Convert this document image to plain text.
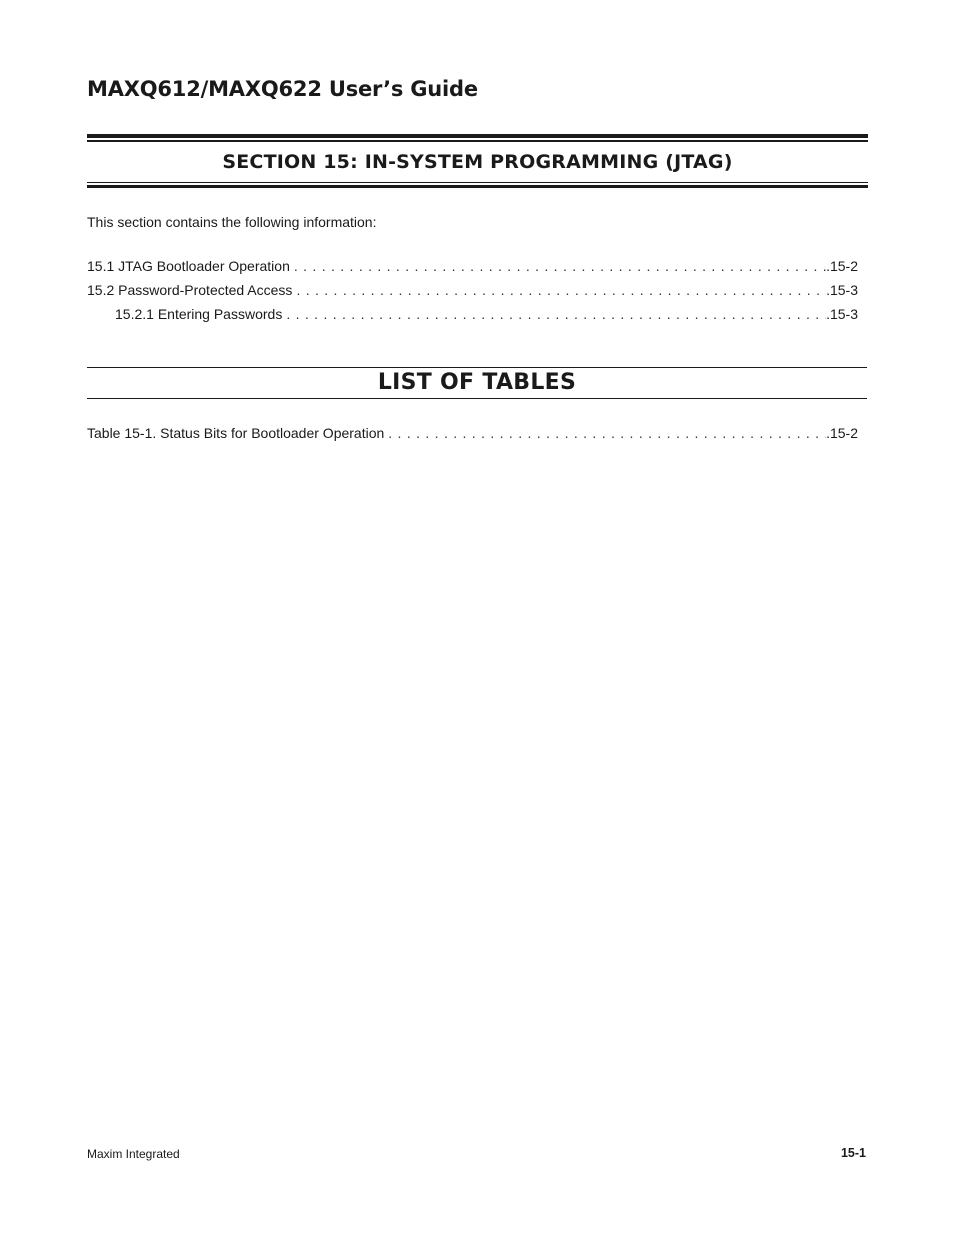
MAXQ612/MAXQ622 User’s Guide
SECTION 15: IN-SYSTEM PROGRAMMING (JTAG)

This section contains the following information:

15.1 JTAG Bootloader Operation . . .	.15-2
15.2 Password-Protected Access . . .	.15-3
15.2.1 Entering Passwords . . .	.15-3
LIST OF TABLES
Table 15-1. Status Bits for Bootloader Operation . . .	.15-2

Maxim Integrated	15-1
